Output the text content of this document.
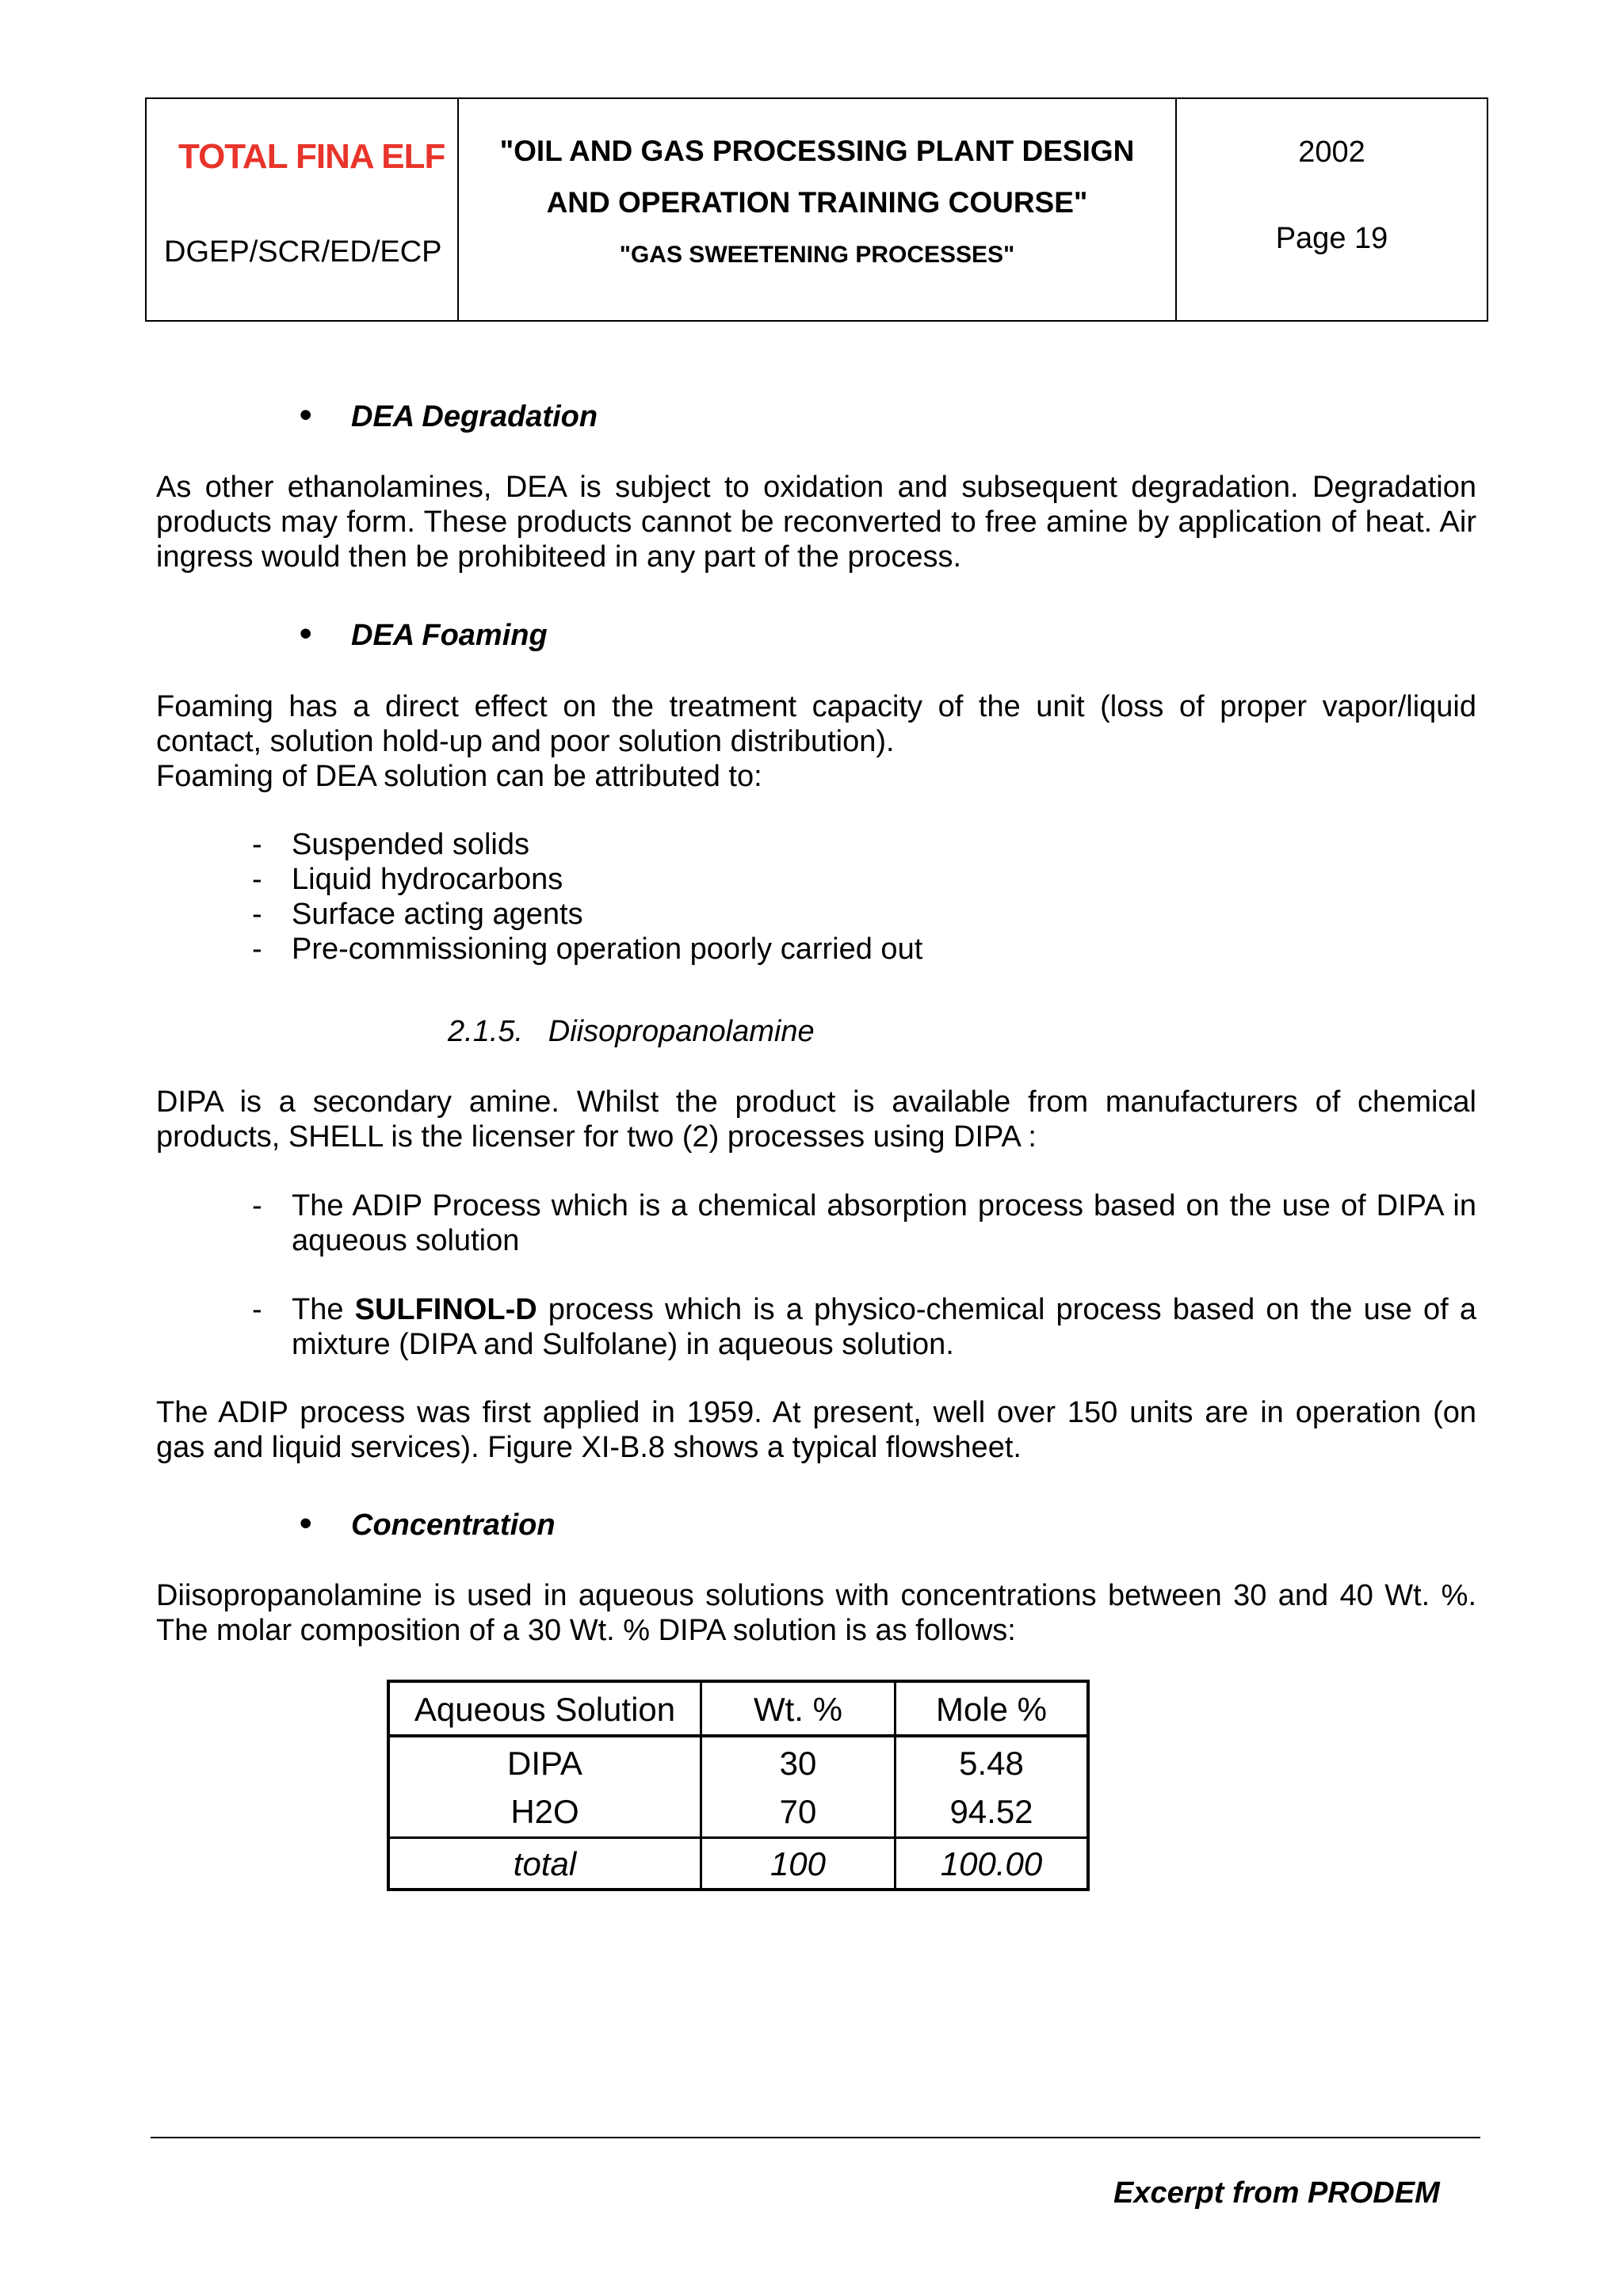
TOTAL FINA ELF
DGEP/SCR/ED/ECP
"OIL AND GAS PROCESSING PLANT DESIGN
AND OPERATION TRAINING COURSE"
"GAS SWEETENING PROCESSES"
2002
Page 19
• DEA Degradation
As other ethanolamines, DEA is subject to oxidation and subsequent degradation. Degradation
products may form. These products cannot be reconverted to free amine by application of heat. Air
ingress would then be prohibiteed in any part of the process.
• DEA Foaming
Foaming has a direct effect on the treatment capacity of the unit (loss of proper vapor/liquid
contact, solution hold-up and poor solution distribution).
Foaming of DEA solution can be attributed to:
- Suspended solids
- Liquid hydrocarbons
- Surface acting agents
- Pre-commissioning operation poorly carried out
2.1.5. Diisopropanolamine
DIPA is a secondary amine. Whilst the product is available from manufacturers of chemical
products, SHELL is the licenser for two (2) processes using DIPA :
- The ADIP Process which is a chemical absorption process based on the use of DIPA in
aqueous solution
- The SULFINOL-D process which is a physico-chemical process based on the use of a
mixture (DIPA and Sulfolane) in aqueous solution.
The ADIP process was first applied in 1959. At present, well over 150 units are in operation (on
gas and liquid services). Figure XI-B.8 shows a typical flowsheet.
• Concentration
Diisopropanolamine is used in aqueous solutions with concentrations between 30 and 40 Wt. %.
The molar composition of a 30 Wt. % DIPA solution is as follows:
Aqueous Solution	Wt. %	Mole %
DIPA	30	5.48
H2O	70	94.52
total	100	100.00
Excerpt from PRODEM
